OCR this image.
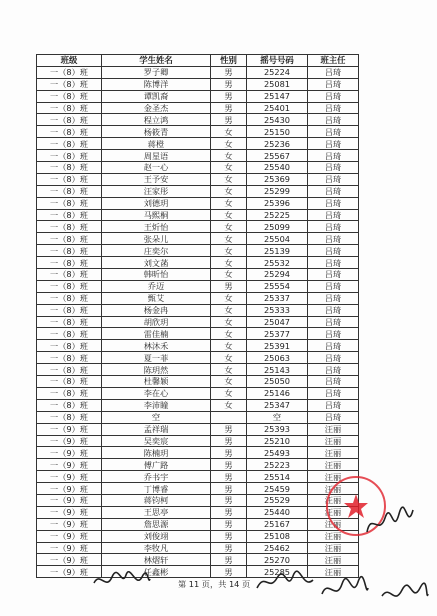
班级	学生姓名	性别	摇号号码	班主任
一（8）班	罗子卿	男	25224	吕琦
一（8）班	陈博洋	男	25081	吕琦
一（8）班	谭凯裔	男	25147	吕琦
一（8）班	金圣杰	男	25401	吕琦
一（8）班	程立鸿	男	25430	吕琦
一（8）班	杨筱青	女	25150	吕琦
一（8）班	蒋橙	女	25236	吕琦
一（8）班	周星语	女	25567	吕琦
一（8）班	赵一心	女	25540	吕琦
一（8）班	王予安	女	25369	吕琦
一（8）班	汪家彤	女	25299	吕琦
一（8）班	刘德玥	女	25396	吕琦
一（8）班	马熙桐	女	25225	吕琦
一（8）班	王炘怡	女	25099	吕琦
一（8）班	张朵儿	女	25504	吕琦
一（8）班	庄奕尔	女	25139	吕琦
一（8）班	刘文菡	女	25532	吕琦
一（8）班	韩昕怡	女	25294	吕琦
一（8）班	乔迈	男	25554	吕琦
一（8）班	甄艾	女	25337	吕琦
一（8）班	杨金冉	女	25333	吕琦
一（8）班	胡欣玥	女	25047	吕琦
一（8）班	雷佳楠	女	25377	吕琦
一（8）班	林沐禾	女	25391	吕琦
一（8）班	夏一菲	女	25063	吕琦
一（8）班	陈玥然	女	25143	吕琦
一（8）班	杜馨颖	女	25050	吕琦
一（8）班	李在心	女	25146	吕琦
一（8）班	李沛瞳	女	25347	吕琦
一（8）班	空		空	吕琦
一（9）班	孟祥瑞	男	25393	汪丽
一（9）班	吴奕宸	男	25210	汪丽
一（9）班	陈楠玥	男	25493	汪丽
一（9）班	傅广路	男	25223	汪丽
一（9）班	乔书宇	男	25514	汪丽
一（9）班	丁博睿	男	25459	汪丽
一（9）班	蒋钧柯	男	25529	汪丽
一（9）班	王思亭	男	25440	汪丽
一（9）班	詹思源	男	25167	汪丽
一（9）班	刘俊翊	男	25108	汪丽
一（9）班	李牧凡	男	25462	汪丽
一（9）班	林熠轩	男	25270	汪丽
一（9）班	任鑫彬	男	25285	汪丽
第 11 页，共 14 页
